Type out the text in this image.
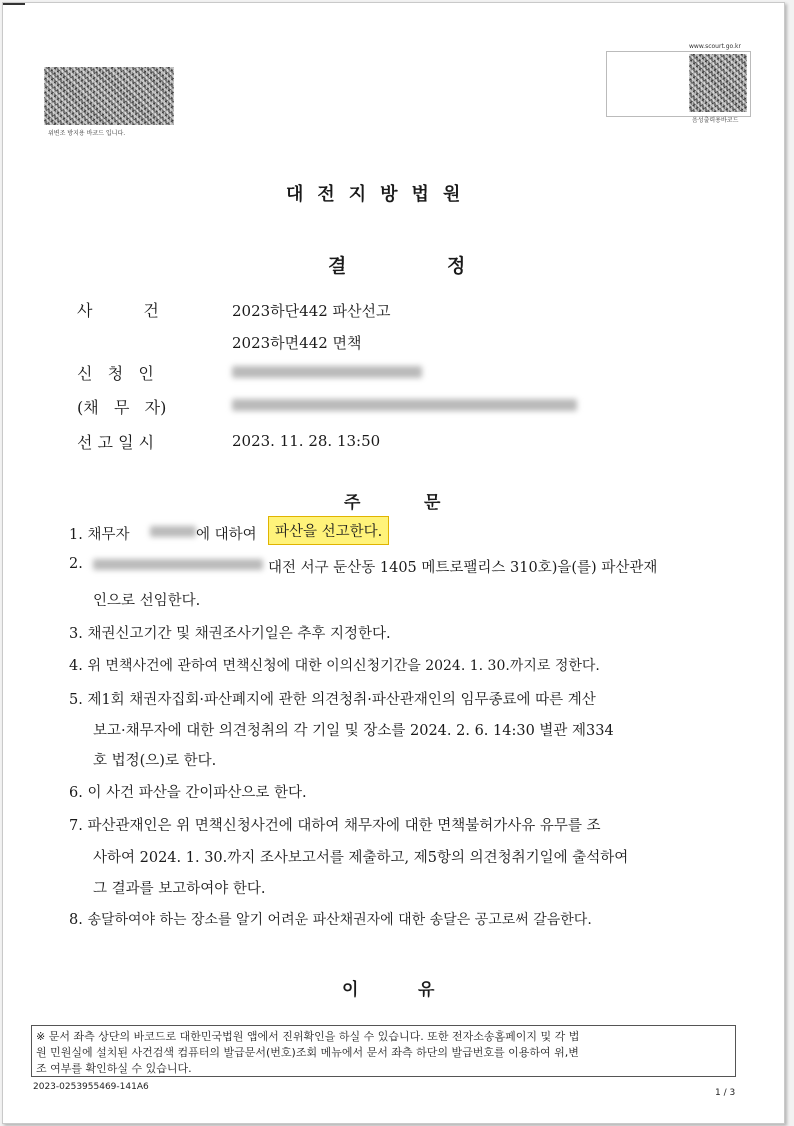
위변조 방지용 바코드 입니다.
www.scourt.go.kr
음성출력용바코드
대전지방법원
결	정
사          건	2023하단442 파산선고
2023하면442 면책
신   청   인
(채   무   자)
선 고 일 시	2023. 11. 28. 13:50
주	문
1. 채무자	에 대하여	파산을 선고한다.
2.	대전 서구 둔산동 1405 메트로팰리스 310호)을(를) 파산관재
인으로 선임한다.
3. 채권신고기간 및 채권조사기일은 추후 지정한다.
4. 위 면책사건에 관하여 면책신청에 대한 이의신청기간을 2024. 1. 30.까지로 정한다.
5. 제1회 채권자집회·파산폐지에 관한 의견청취·파산관재인의 임무종료에 따른 계산
보고·채무자에 대한 의견청취의 각 기일 및 장소를 2024. 2. 6. 14:30 별관 제334
호 법정(으)로 한다.
6. 이 사건 파산을 간이파산으로 한다.
7. 파산관재인은 위 면책신청사건에 대하여 채무자에 대한 면책불허가사유 유무를 조
사하여 2024. 1. 30.까지 조사보고서를 제출하고, 제5항의 의견청취기일에 출석하여
그 결과를 보고하여야 한다.
8. 송달하여야 하는 장소를 알기 어려운 파산채권자에 대한 송달은 공고로써 갈음한다.
이	유
※ 문서 좌측 상단의 바코드로 대한민국법원 앱에서 진위확인을 하실 수 있습니다. 또한 전자소송홈페이지 및 각 법
원 민원실에 설치된 사건검색 컴퓨터의 발급문서(번호)조회 메뉴에서 문서 좌측 하단의 발급번호를 이용하여 위,변
조 여부를 확인하실 수 있습니다.
2023-0253955469-141A6
1 / 3
